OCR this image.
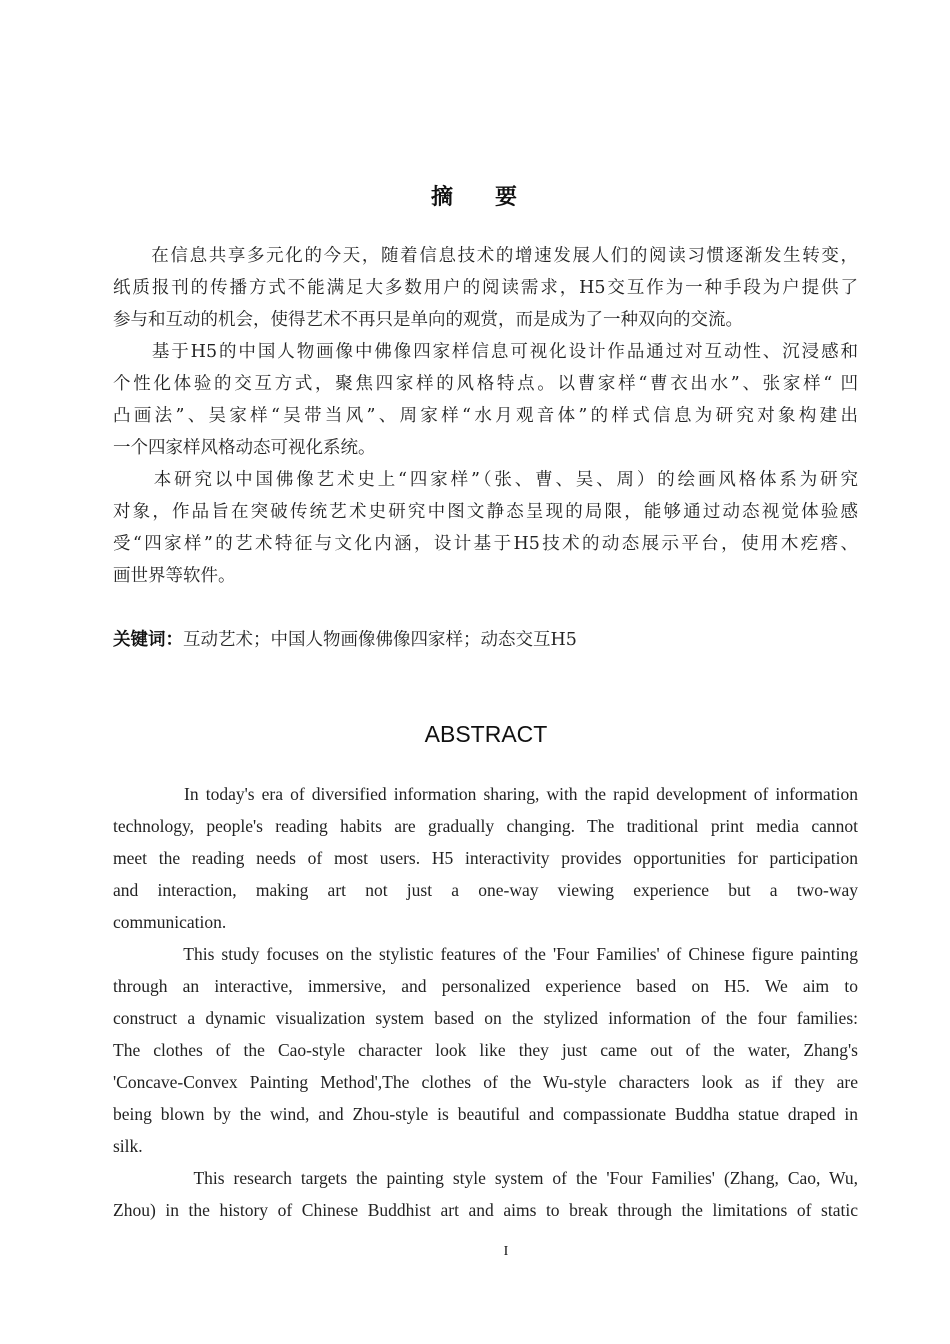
摘 要
　　在信息共享多元化的今天，随着信息技术的增速发展人们的阅读习惯逐渐发生转变，
纸质报刊的传播方式不能满足大多数用户的阅读需求，H5交互作为一种手段为户提供了
参与和互动的机会，使得艺术不再只是单向的观赏，而是成为了一种双向的交流。
　　基于H5的中国人物画像中佛像四家样信息可视化设计作品通过对互动性、沉浸感和
个性化体验的交互方式，聚焦四家样的风格特点。以曹家样“曹衣出水”、张家样“ 凹
凸画法”、吴家样“吴带当风”、周家样“水月观音体”的样式信息为研究对象构建出
一个四家样风格动态可视化系统。
　　本研究以中国佛像艺术史上“四家样”（张、曹、吴、周）的绘画风格体系为研究
对象，作品旨在突破传统艺术史研究中图文静态呈现的局限，能够通过动态视觉体验感
受“四家样”的艺术特征与文化内涵，设计基于H5技术的动态展示平台，使用木疙瘩、
画世界等软件。
关键词：互动艺术；中国人物画像佛像四家样；动态交互H5
ABSTRACT
In today's era of diversified information sharing, with the rapid development of information
technology, people's reading habits are gradually changing. The traditional print media cannot
meet the reading needs of most users. H5 interactivity provides opportunities for participation
and interaction, making art not just a one-way viewing experience but a two-way
communication.
This study focuses on the stylistic features of the 'Four Families' of Chinese figure painting
through an interactive, immersive, and personalized experience based on H5. We aim to
construct a dynamic visualization system based on the stylized information of the four families:
The clothes of the Cao-style character look like they just came out of the water, Zhang's
'Concave-Convex Painting Method',The clothes of the Wu-style characters look as if they are
being blown by the wind, and Zhou-style is beautiful and compassionate Buddha statue draped in
silk.
This research targets the painting style system of the 'Four Families' (Zhang, Cao, Wu,
Zhou) in the history of Chinese Buddhist art and aims to break through the limitations of static
I
